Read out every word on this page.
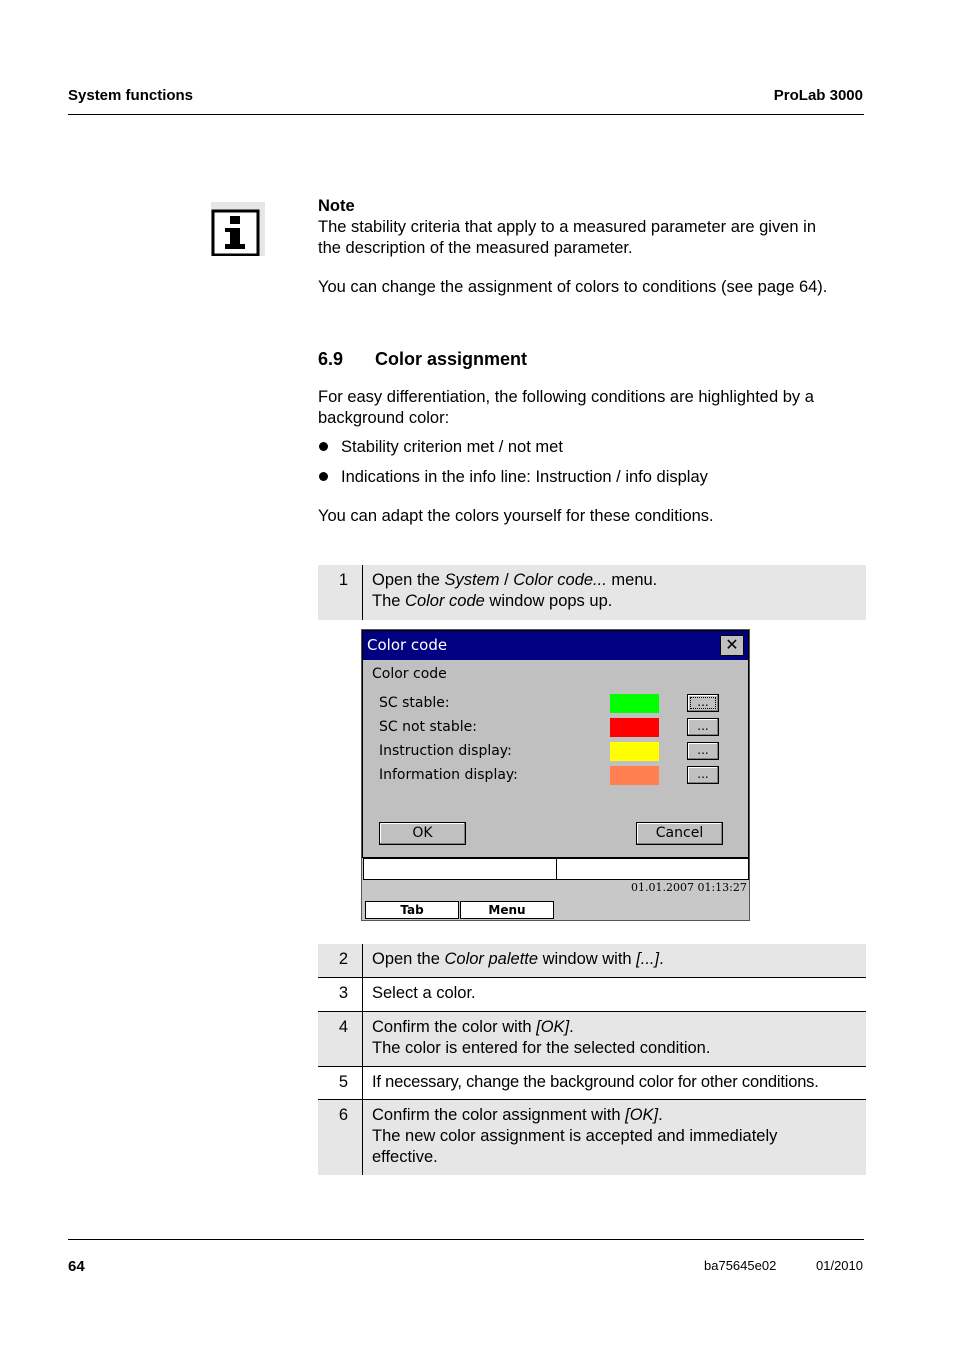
System functions	ProLab 3000
Note
The stability criteria that apply to a measured parameter are given in
the description of the measured parameter.
You can change the assignment of colors to conditions (see page 64).
6.9 Color assignment
For easy differentiation, the following conditions are highlighted by a
background color:
Stability criterion met / not met
Indications in the info line: Instruction / info display
You can adapt the colors yourself for these conditions.
1	Open the System / Color code... menu.
The Color code window pops up.
Color code	✕
Color code
SC stable:	...
SC not stable:	...
Instruction display:	...
Information display:	...
OK	Cancel
01.01.2007 01:13:27
Tab	Menu
2	Open the Color palette window with [...].
3	Select a color.
4	Confirm the color with [OK].
The color is entered for the selected condition.
5	If necessary, change the background color for other conditions.
6	Confirm the color assignment with [OK].
The new color assignment is accepted and immediately
effective.
64	ba75645e02	01/2010
